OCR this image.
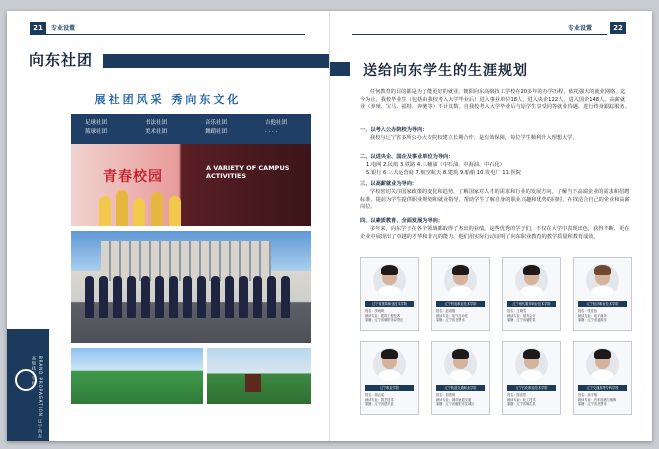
21	专业设置
向东社团
展社团风采 秀向东文化
足球社团
篮球社团
书法社团
美术社团
音乐社团
舞蹈社团
吉他社团
· · · ·
青春校园
A VARIETY OF CAMPUS ACTIVITIES
BRAND PROPAGATION 辽宁向东高级技工学校
专业设置	22
送给向东学生的生涯规划
任何教育的目的都是为了能更好的就业。朝阳向东高级技工学校在20多年的办学历程，依托强大的就业网络，迄今为止，我校毕业生（包括由我校考入大学毕业后）进入事业单位18人，进入央企122人，进入国企148人。高薪就业（养殖、宝马、福特、奔驰等）不计其数。自我校考入大学毕业后与原学生享受同等就业待遇，进行终身跟踪服务。
一、以考入公办院校为导向：
我校与辽宁省多所公办大专院校建立长期合作，是有效保障，每位学生顺利升入理想大学。
二、以进央企、国企及事业单位为导向：
1.电网 2.民航 3.铁路 4.三桶油（中石油、中海油、中石化）
5.银行 6.三大运营商 7.航空航天 8.建筑 9.船舶 10.发电厂 11.医院
三、以高薪就业为导向：
学校密切关注国家政策的变化和趋势，了解国家对人才的需求和行业的发展方向。了解当下高端企业的需求和招聘标准，提前为学生提供职业规划和就业指导，帮助学生了解自身的职业兴趣和优势的同时，在找适合自己的企业和高薪岗位。
四、以素质教育、全面发展为导向：
多年来，向东学子在各个领域都取得了杰出的业绩。这些优秀的学子们，不仅在大学中表现出色，获得不断，更在企业中展现出了卓越的才华和非凡的能力。他们用实际行动证明了向东职业教育的教学质量和教育成效。
辽宁省建筑职业技术学院
姓名：李雨琦
就读专业：建筑工程技术
原籍：辽宁省朝阳市双塔区
辽宁机电职业技术学院
姓名：赵成刚
就读专业：电气自动化
原籍：辽宁省北票市
辽宁现代服务职业技术学院
姓名：王晓雪
就读专业：财务会计
原籍：辽宁省朝阳县
辽宁经济职业技术学院
姓名：张佳怡
就读专业：电子商务
原籍：辽宁省凌源市
辽宁职业学院
姓名：周志成
就读专业：园艺技术
原籍：辽宁省建平县
辽宁轨道交通职业学院
姓名：刘思琪
就读专业：城市轨道交通
原籍：辽宁省朝阳市龙城区
辽宁石化职业技术学院
姓名：陈浩然
就读专业：化工技术
原籍：辽宁省喀左县
辽宁交通高等专科学校
姓名：孙宇航
就读专业：汽车检测与维修
原籍：辽宁省北票市
